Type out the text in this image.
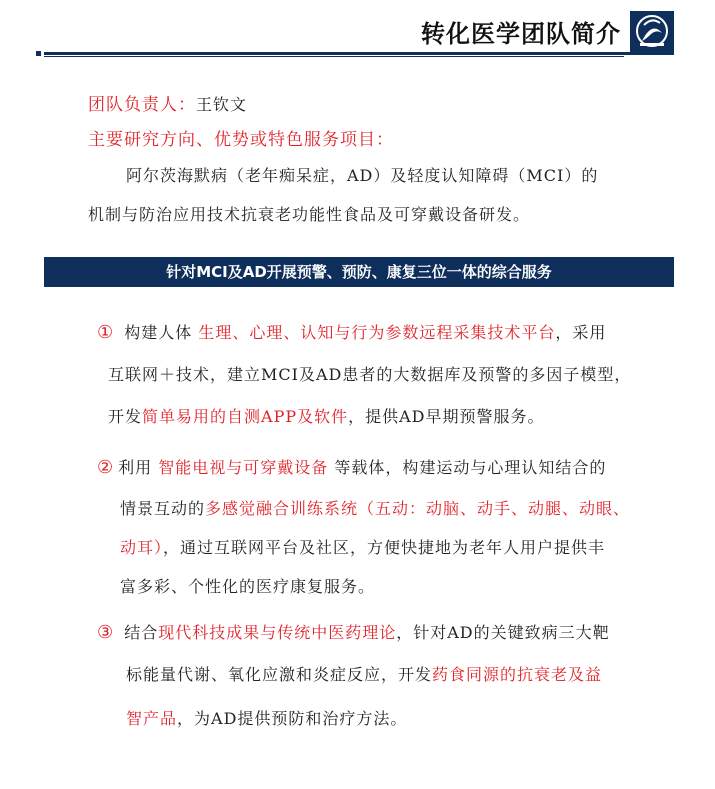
转化医学团队简介
团队负责人：王钦文
主要研究方向、优势或特色服务项目：
阿尔茨海默病（老年痴呆症，AD）及轻度认知障碍（MCI）的
机制与防治应用技术抗衰老功能性食品及可穿戴设备研发。
针对MCI及AD开展预警、预防、康复三位一体的综合服务
① 构建人体 生理、心理、认知与行为参数远程采集技术平台，采用
互联网＋技术，建立MCI及AD患者的大数据库及预警的多因子模型，
开发简单易用的自测APP及软件，提供AD早期预警服务。
② 利用 智能电视与可穿戴设备 等载体，构建运动与心理认知结合的
情景互动的多感觉融合训练系统（五动：动脑、动手、动腿、动眼、
动耳），通过互联网平台及社区，方便快捷地为老年人用户提供丰
富多彩、个性化的医疗康复服务。
③ 结合现代科技成果与传统中医药理论，针对AD的关键致病三大靶
标能量代谢、氧化应激和炎症反应，开发药食同源的抗衰老及益
智产品，为AD提供预防和治疗方法。
